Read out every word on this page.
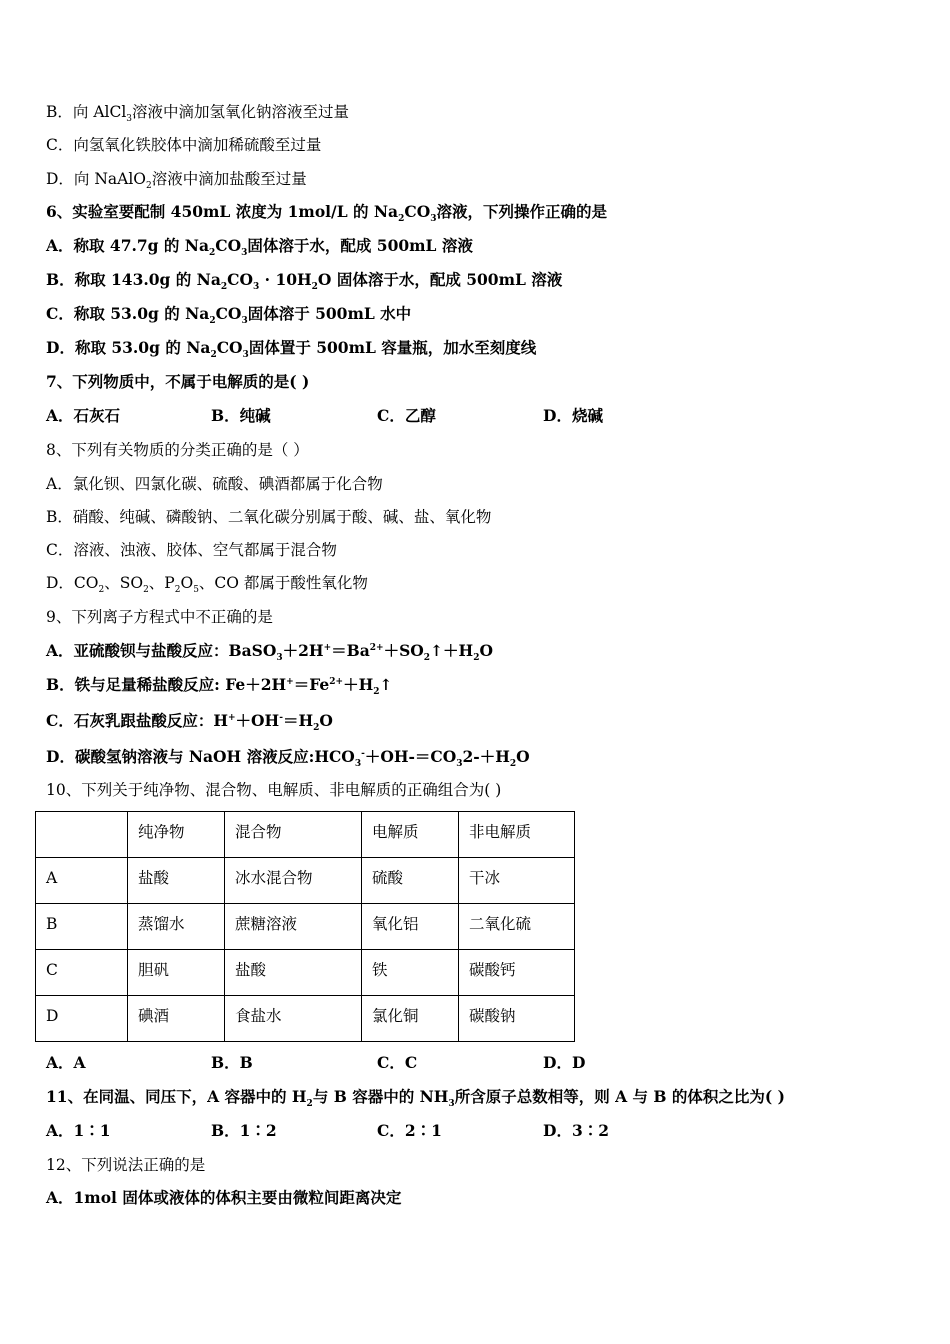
B．向 AlCl$_3$溶液中滴加氢氧化钠溶液至过量
C．向氢氧化铁胶体中滴加稀硫酸至过量
D．向 NaAlO$_2$溶液中滴加盐酸至过量
6、实验室要配制 450mL 浓度为 1mol/L 的 $Na_2CO_3$溶液，下列操作正确的是
A．称取 47.7g 的 $Na_2CO_3$固体溶于水，配成 500mL 溶液
B．称取 143.0g 的 $Na_2CO_3 \cdot 10H_2O$ 固体溶于水，配成 500mL 溶液
C．称取 53.0g 的 $Na_2CO_3$固体溶于 500mL 水中
D．称取 53.0g 的 $Na_2CO_3$固体置于 500mL 容量瓶，加水至刻度线
7、下列物质中，不属于电解质的是( )
A．石灰石	B．纯碱	C．乙醇	D．烧碱
8、下列有关物质的分类正确的是（ ）
A．氯化钡、四氯化碳、硫酸、碘酒都属于化合物
B．硝酸、纯碱、磷酸钠、二氧化碳分别属于酸、碱、盐、氧化物
C．溶液、浊液、胶体、空气都属于混合物
D．$CO_2$、$SO_2$、$P_2O_5$、CO 都属于酸性氧化物
9、下列离子方程式中不正确的是
A．亚硫酸钡与盐酸反应：$BaSO_3+2H^+=Ba^{2+}+SO_2↑+H_2O$
B．铁与足量稀盐酸反应: $Fe+2H^+=Fe^{2+}+H_2↑$
C．石灰乳跟盐酸反应：$H^++OH^-=H_2O$
D．碳酸氢钠溶液与 NaOH 溶液反应$:HCO_3^-+OH-=CO_32-+H_2O$
10、下列关于纯净物、混合物、电解质、非电解质的正确组合为( )
	纯净物	混合物	电解质	非电解质
A	盐酸	冰水混合物	硫酸	干冰
B	蒸馏水	蔗糖溶液	氧化铝	二氧化硫
C	胆矾	盐酸	铁	碳酸钙
D	碘酒	食盐水	氯化铜	碳酸钠
A．A	B．B	C．C	D．D
11、在同温、同压下，A 容器中的 $H_2$与 B 容器中的 $NH_3$所含原子总数相等，则 A 与 B 的体积之比为( )
A．1∶1	B．1∶2	C．2∶1	D．3∶2
12、下列说法正确的是
A．1mol 固体或液体的体积主要由微粒间距离决定
